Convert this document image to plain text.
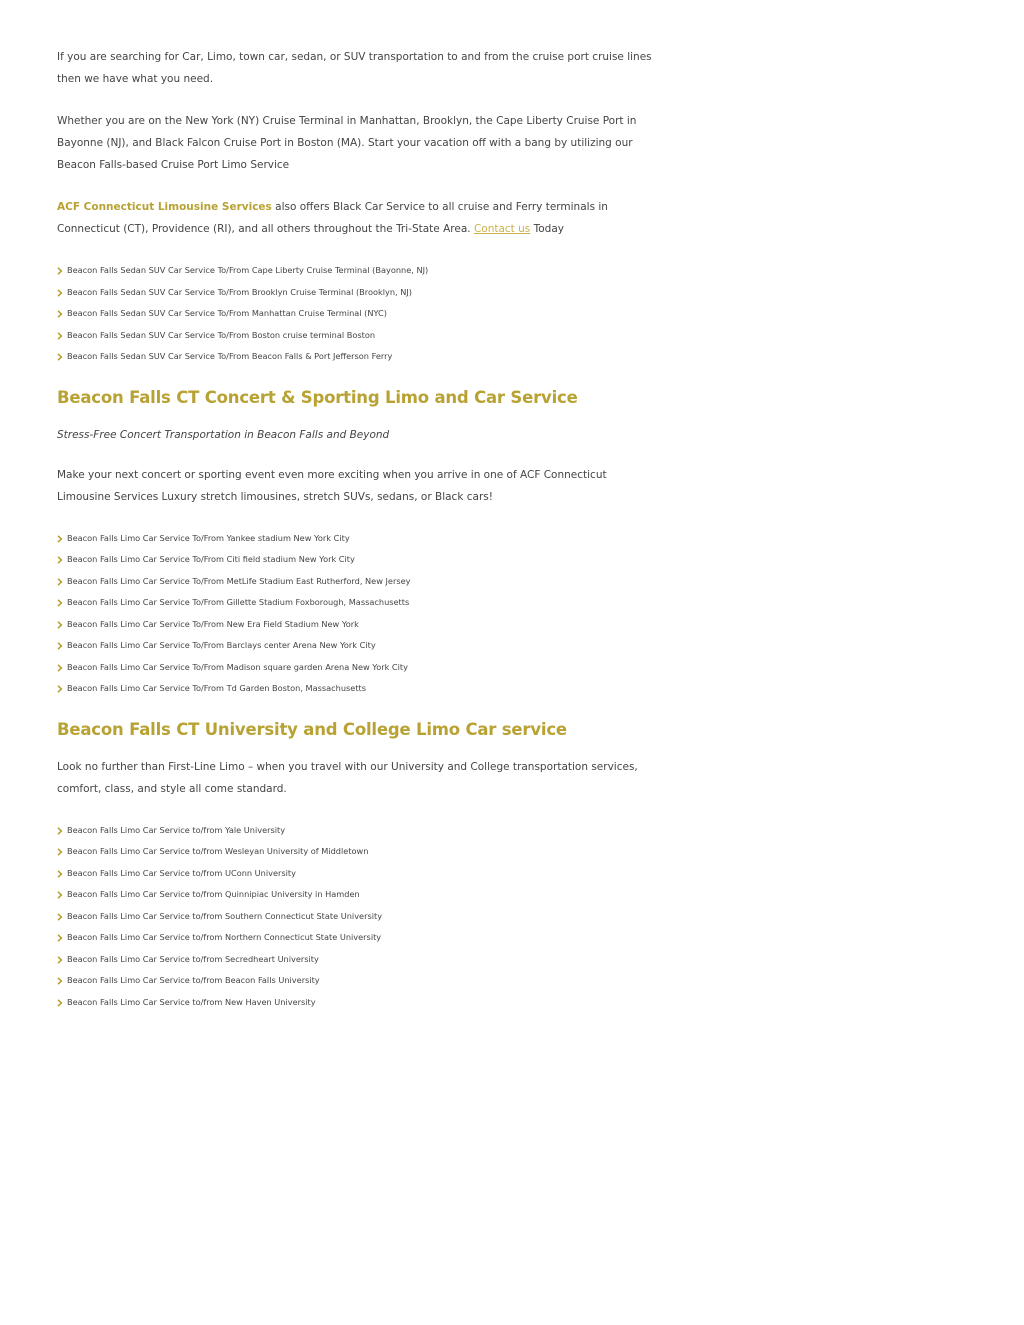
If you are searching for Car, Limo, town car, sedan, or SUV transportation to and from the cruise port cruise lines then we have what you need.

Whether you are on the New York (NY) Cruise Terminal in Manhattan, Brooklyn, the Cape Liberty Cruise Port in Bayonne (NJ), and Black Falcon Cruise Port in Boston (MA). Start your vacation off with a bang by utilizing our Beacon Falls-based Cruise Port Limo Service

ACF Connecticut Limousine Services also offers Black Car Service to all cruise and Ferry terminals in Connecticut (CT), Providence (RI), and all others throughout the Tri-State Area. Contact us Today

Beacon Falls Sedan SUV Car Service To/From Cape Liberty Cruise Terminal (Bayonne, NJ)
Beacon Falls Sedan SUV Car Service To/From Brooklyn Cruise Terminal (Brooklyn, NJ)
Beacon Falls Sedan SUV Car Service To/From Manhattan Cruise Terminal (NYC)
Beacon Falls Sedan SUV Car Service To/From Boston cruise terminal Boston
Beacon Falls Sedan SUV Car Service To/From Beacon Falls & Port Jefferson Ferry
Beacon Falls CT Concert & Sporting Limo and Car Service

Stress-Free Concert Transportation in Beacon Falls and Beyond

Make your next concert or sporting event even more exciting when you arrive in one of ACF Connecticut Limousine Services Luxury stretch limousines, stretch SUVs, sedans, or Black cars!

Beacon Falls Limo Car Service To/From Yankee stadium New York City
Beacon Falls Limo Car Service To/From Citi field stadium New York City
Beacon Falls Limo Car Service To/From MetLife Stadium East Rutherford, New Jersey
Beacon Falls Limo Car Service To/From Gillette Stadium Foxborough, Massachusetts
Beacon Falls Limo Car Service To/From New Era Field Stadium New York
Beacon Falls Limo Car Service To/From Barclays center Arena New York City
Beacon Falls Limo Car Service To/From Madison square garden Arena New York City
Beacon Falls Limo Car Service To/From Td Garden Boston, Massachusetts
Beacon Falls CT University and College Limo Car service

Look no further than First-Line Limo – when you travel with our University and College transportation services, comfort, class, and style all come standard.

Beacon Falls Limo Car Service to/from Yale University
Beacon Falls Limo Car Service to/from Wesleyan University of Middletown
Beacon Falls Limo Car Service to/from UConn University
Beacon Falls Limo Car Service to/from Quinnipiac University in Hamden
Beacon Falls Limo Car Service to/from Southern Connecticut State University
Beacon Falls Limo Car Service to/from Northern Connecticut State University
Beacon Falls Limo Car Service to/from Secredheart University
Beacon Falls Limo Car Service to/from Beacon Falls University
Beacon Falls Limo Car Service to/from New Haven University
